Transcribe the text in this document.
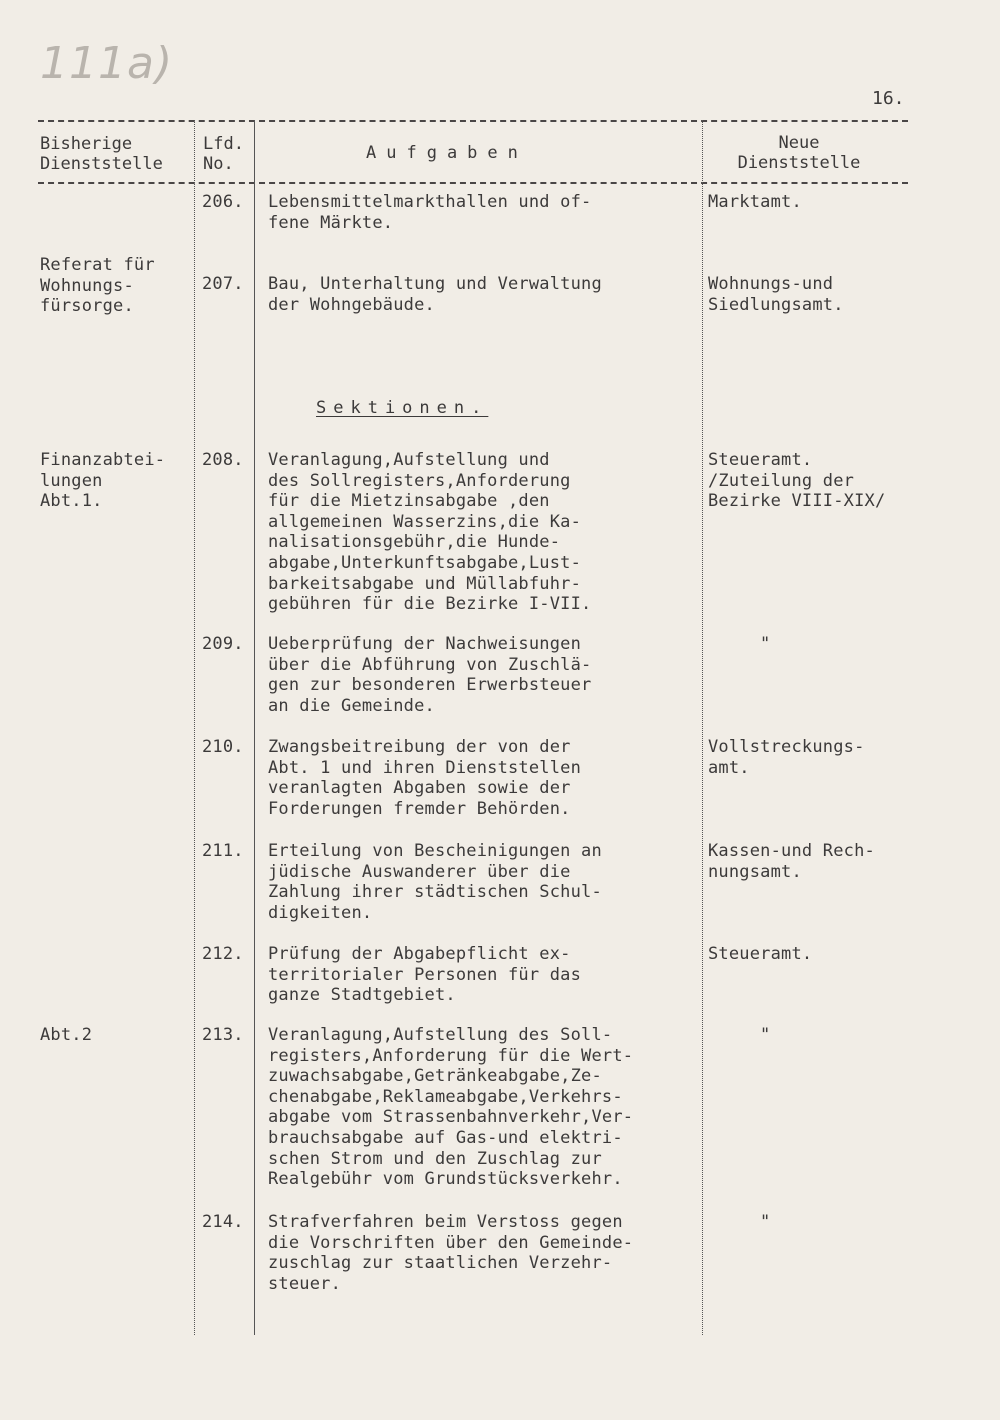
111a)
16.
Bisherige
Dienststelle
Lfd.
No.
Aufgaben	Neue
Dienststelle
Sektionen.
206. Lebensmittelmarkthallen und of-
fene Märkte.
Marktamt.
Referat für
Wohnungs-
fürsorge.
207. Bau, Unterhaltung und Verwaltung
der Wohngebäude.
Wohnungs-und
Siedlungsamt.
Finanzabtei-
lungen
Abt.1.
208. Veranlagung,Aufstellung und
des Sollregisters,Anforderung
für die Mietzinsabgabe ,den
allgemeinen Wasserzins,die Ka-
nalisationsgebühr,die Hunde-
abgabe,Unterkunftsabgabe,Lust-
barkeitsabgabe und Müllabfuhr-
gebühren für die Bezirke I-VII.
Steueramt.
/Zuteilung der
Bezirke VIII-XIX/
209. Ueberprüfung der Nachweisungen
über die Abführung von Zuschlä-
gen zur besonderen Erwerbsteuer
an die Gemeinde.
"
210. Zwangsbeitreibung der von der
Abt. 1 und ihren Dienststellen
veranlagten Abgaben sowie der
Forderungen fremder Behörden.
Vollstreckungs-
amt.
211. Erteilung von Bescheinigungen an
jüdische Auswanderer über die
Zahlung ihrer städtischen Schul-
digkeiten.
Kassen-und Rech-
nungsamt.
212. Prüfung der Abgabepflicht ex-
territorialer Personen für das
ganze Stadtgebiet.
Steueramt.
Abt.2	213. Veranlagung,Aufstellung des Soll-
registers,Anforderung für die Wert-
zuwachsabgabe,Getränkeabgabe,Ze-
chenabgabe,Reklameabgabe,Verkehrs-
abgabe vom Strassenbahnverkehr,Ver-
brauchsabgabe auf Gas-und elektri-
schen Strom und den Zuschlag zur
Realgebühr vom Grundstücksverkehr.
"
214. Strafverfahren beim Verstoss gegen
die Vorschriften über den Gemeinde-
zuschlag zur staatlichen Verzehr-
steuer.
"
